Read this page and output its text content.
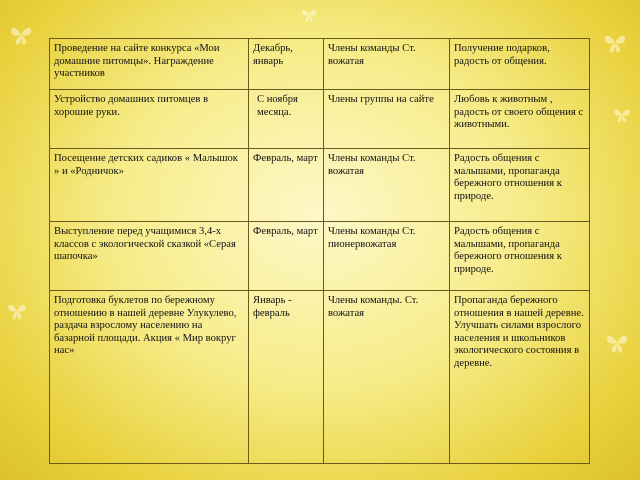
Проведение на сайте конкурса «Мои домашние питомцы». Награждение участников	Декабрь, январь	Члены команды Ст. вожатая	Получение подарков, радость от общения.
Устройство домашних питомцев в хорошие руки.	С ноября месяца.	Члены группы на сайте	Любовь к животным , радость от своего общения с животными.
Посещение детских садиков « Малышок » и «Родничок»	Февраль, март	Члены команды Ст. вожатая	Радость общения с малышами, пропаганда бережного отношения к природе.
Выступление перед учащимися 3,4-х классов с экологической сказкой «Серая шапочка»	Февраль, март	Члены команды Ст. пионервожатая	Радость общения с малышами, пропаганда бережного отношения к природе.
Подготовка буклетов по бережному отношению в нашей деревне Улукулево, раздача взрослому населению на базарной площади. Акция « Мир вокруг нас»	Январь - февраль	Члены команды. Ст. вожатая	Пропаганда бережного отношения в нашей деревне. Улучшать силами взрослого населения и школьников экологического состояния в деревне.
